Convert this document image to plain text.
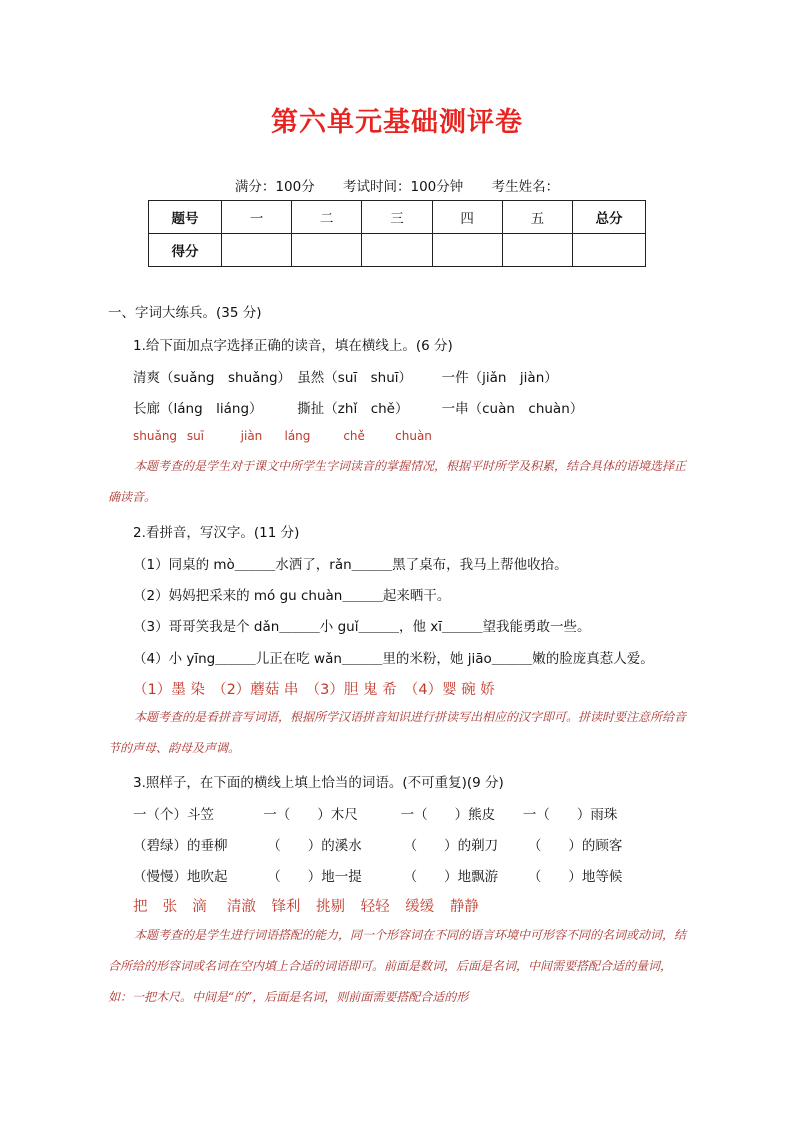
第六单元基础测评卷
满分：100分 考试时间：100分钟 考生姓名：
题号	一	二	三	四	五	总分
得分						
一、字词大练兵。(35 分)
1.给下面加点字选择正确的读音，填在横线上。(6 分)
清爽（suǎng　shuǎng） 虽然（suī　shuī） 一件（jiǎn　jiàn）
长廊（láng　liáng）	撕扯（zhǐ　chě） 一串（cuàn　chuàn）
shuǎng suī	jiàn láng	chě	chuàn
本题考查的是学生对于课文中所学生字词读音的掌握情况，根据平时所学及积累，结合具体的语境选择正确读音。
2.看拼音，写汉字。(11 分)
（1）同桌的 mò＿＿＿水洒了，rǎn＿＿＿黑了桌布，我马上帮他收拾。
（2）妈妈把采来的 mó gu chuàn＿＿＿起来晒干。
（3）哥哥笑我是个 dǎn＿＿＿小 guǐ＿＿＿，他 xī＿＿＿望我能勇敢一些。
（4）小 yīng＿＿＿儿正在吃 wǎn＿＿＿里的米粉，她 jiāo＿＿＿嫩的脸庞真惹人爱。
（1）墨 染　（2）蘑菇 串　（3）胆 鬼 希　（4）婴 碗 娇
本题考查的是看拼音写词语，根据所学汉语拼音知识进行拼读写出相应的汉字即可。拼读时要注意所给音节的声母、韵母及声调。
3.照样子，在下面的横线上填上恰当的词语。(不可重复)(9 分)
一（个）斗笠	一（　　）木尺	一（　　）熊皮 一（　　）雨珠
（碧绿）的垂柳	（　　）的溪水	（　　）的剃刀 （　　）的顾客
（慢慢）地吹起	（　　）地一提	（　　）地飘游 （　　）地等候
把 张 滴 清澈 锋利 挑剔 轻轻 缓缓 静静
本题考查的是学生进行词语搭配的能力，同一个形容词在不同的语言环境中可形容不同的名词或动词，结合所给的形容词或名词在空内填上合适的词语即可。前面是数词，后面是名词，中间需要搭配合适的量词，如：一把木尺。中间是“的”，后面是名词，则前面需要搭配合适的形
